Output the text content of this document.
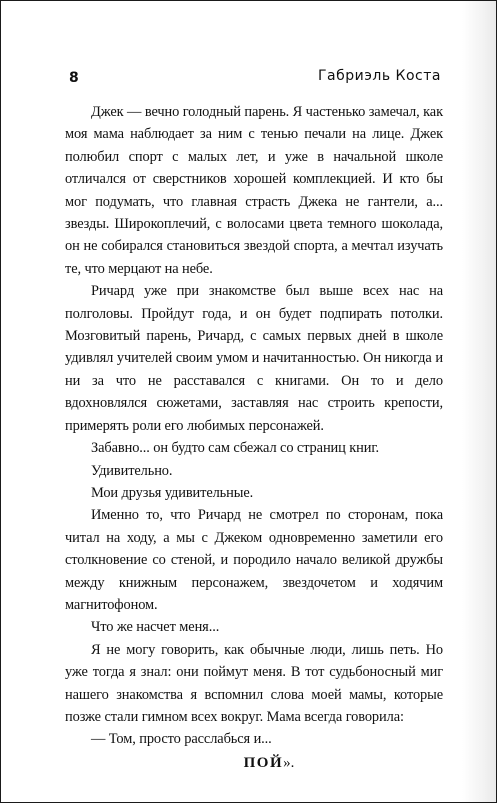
8	Габриэль Коста

Джек — вечно голодный парень. Я частенько замечал, как моя мама наблюдает за ним с тенью печали на лице. Джек полюбил спорт с малых лет, и уже в начальной школе отличался от сверстников хорошей комплекцией. И кто бы мог подумать, что главная страсть Джека не гантели, а... звезды. Широкоплечий, с волосами цвета темного шоколада, он не собирался становиться звездой спорта, а мечтал изучать те, что мерцают на небе.

Ричард уже при знакомстве был выше всех нас на полголовы. Пройдут года, и он будет подпирать потолки. Мозговитый парень, Ричард, с самых первых дней в школе удивлял учителей своим умом и начитанностью. Он никогда и ни за что не расставался с книгами. Он то и дело вдохновлялся сюжетами, заставляя нас строить крепости, примерять роли его любимых персонажей.

Забавно... он будто сам сбежал со страниц книг.

Удивительно.

Мои друзья удивительные.

Именно то, что Ричард не смотрел по сторонам, пока читал на ходу, а мы с Джеком одновременно заметили его столкновение со стеной, и породило начало великой дружбы между книжным персонажем, звездочетом и ходячим магнитофоном.

Что же насчет меня...

Я не могу говорить, как обычные люди, лишь петь. Но уже тогда я знал: они поймут меня. В тот судьбоносный миг нашего знакомства я вспомнил слова моей мамы, которые позже стали гимном всех вокруг. Мама всегда говорила:

— Том, просто расслабься и...

ПОЙ».
